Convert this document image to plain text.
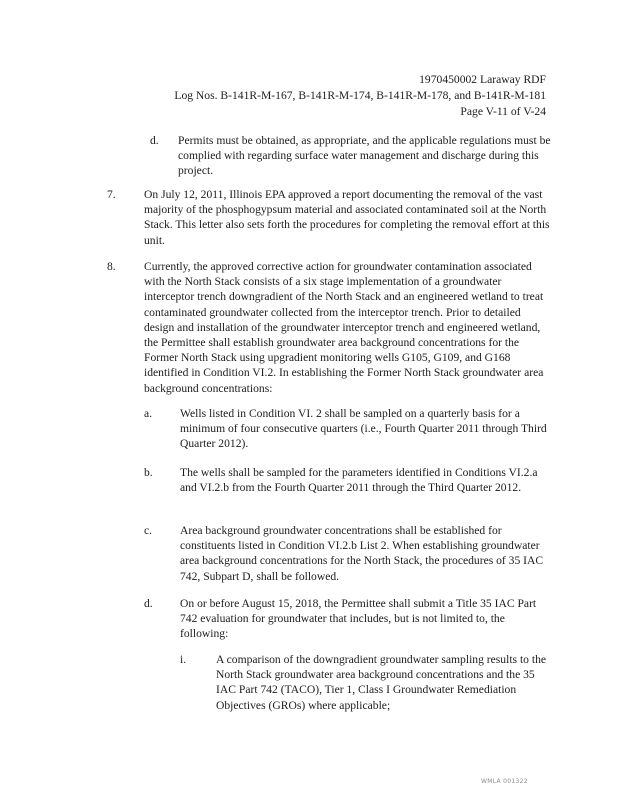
1970450002 Laraway RDF
Log Nos. B-141R-M-167, B-141R-M-174, B-141R-M-178, and B-141R-M-181
Page V-11 of V-24

d. Permits must be obtained, as appropriate, and the applicable regulations must be complied with regarding surface water management and discharge during this project.

7. On July 12, 2011, Illinois EPA approved a report documenting the removal of the vast majority of the phosphogypsum material and associated contaminated soil at the North Stack. This letter also sets forth the procedures for completing the removal effort at this unit.

8. Currently, the approved corrective action for groundwater contamination associated with the North Stack consists of a six stage implementation of a groundwater interceptor trench downgradient of the North Stack and an engineered wetland to treat contaminated groundwater collected from the interceptor trench. Prior to detailed design and installation of the groundwater interceptor trench and engineered wetland, the Permittee shall establish groundwater area background concentrations for the Former North Stack using upgradient monitoring wells G105, G109, and G168 identified in Condition VI.2. In establishing the Former North Stack groundwater area background concentrations:

a. Wells listed in Condition VI. 2 shall be sampled on a quarterly basis for a minimum of four consecutive quarters (i.e., Fourth Quarter 2011 through Third Quarter 2012).

b. The wells shall be sampled for the parameters identified in Conditions VI.2.a and VI.2.b from the Fourth Quarter 2011 through the Third Quarter 2012.

c. Area background groundwater concentrations shall be established for constituents listed in Condition VI.2.b List 2. When establishing groundwater area background concentrations for the North Stack, the procedures of 35 IAC 742, Subpart D, shall be followed.

d. On or before August 15, 2018, the Permittee shall submit a Title 35 IAC Part 742 evaluation for groundwater that includes, but is not limited to, the following:

i.	A comparison of the downgradient groundwater sampling results to the North Stack groundwater area background concentrations and the 35 IAC Part 742 (TACO), Tier 1, Class I Groundwater Remediation Objectives (GROs) where applicable;

WMLA 001322
